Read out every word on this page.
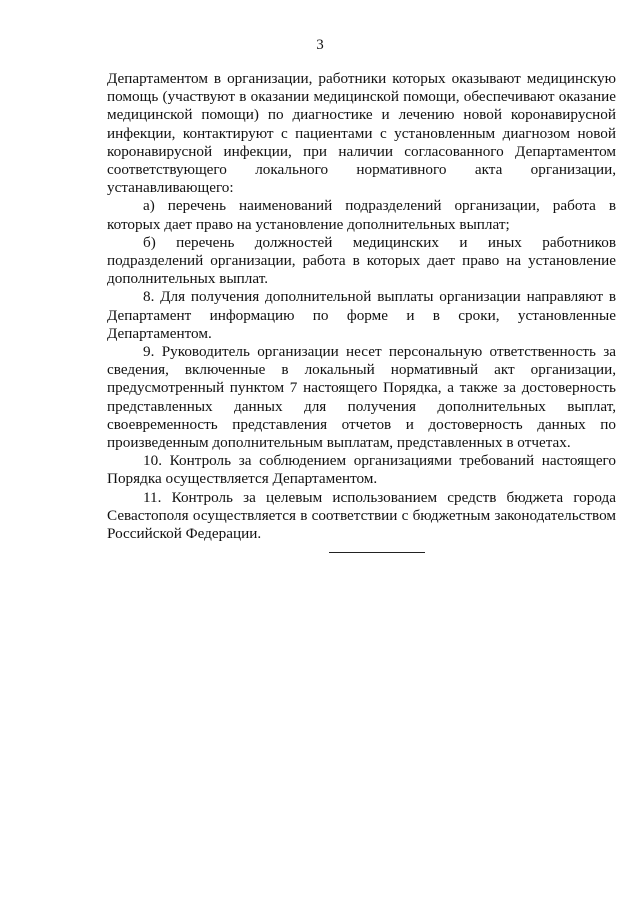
3

Департаментом в организации, работники которых оказывают медицинскую помощь (участвуют в оказании медицинской помощи, обеспечивают оказание медицинской помощи) по диагностике и лечению новой коронавирусной инфекции, контактируют с пациентами с установленным диагнозом новой коронавирусной инфекции, при наличии согласованного Департаментом соответствующего локального нормативного акта организации, устанавливающего:

а) перечень наименований подразделений организации, работа в которых дает право на установление дополнительных выплат;

б) перечень должностей медицинских и иных работников подразделений организации, работа в которых дает право на установление дополнительных выплат.

8. Для получения дополнительной выплаты организации направляют в Департамент информацию по форме и в сроки, установленные Департаментом.

9. Руководитель организации несет персональную ответственность за сведения, включенные в локальный нормативный акт организации, предусмотренный пунктом 7 настоящего Порядка, а также за достоверность представленных данных для получения дополнительных выплат, своевременность представления отчетов и достоверность данных по произведенным дополнительным выплатам, представленных в отчетах.

10. Контроль за соблюдением организациями требований настоящего Порядка осуществляется Департаментом.

11. Контроль за целевым использованием средств бюджета города Севастополя осуществляется в соответствии с бюджетным законодательством Российской Федерации.
